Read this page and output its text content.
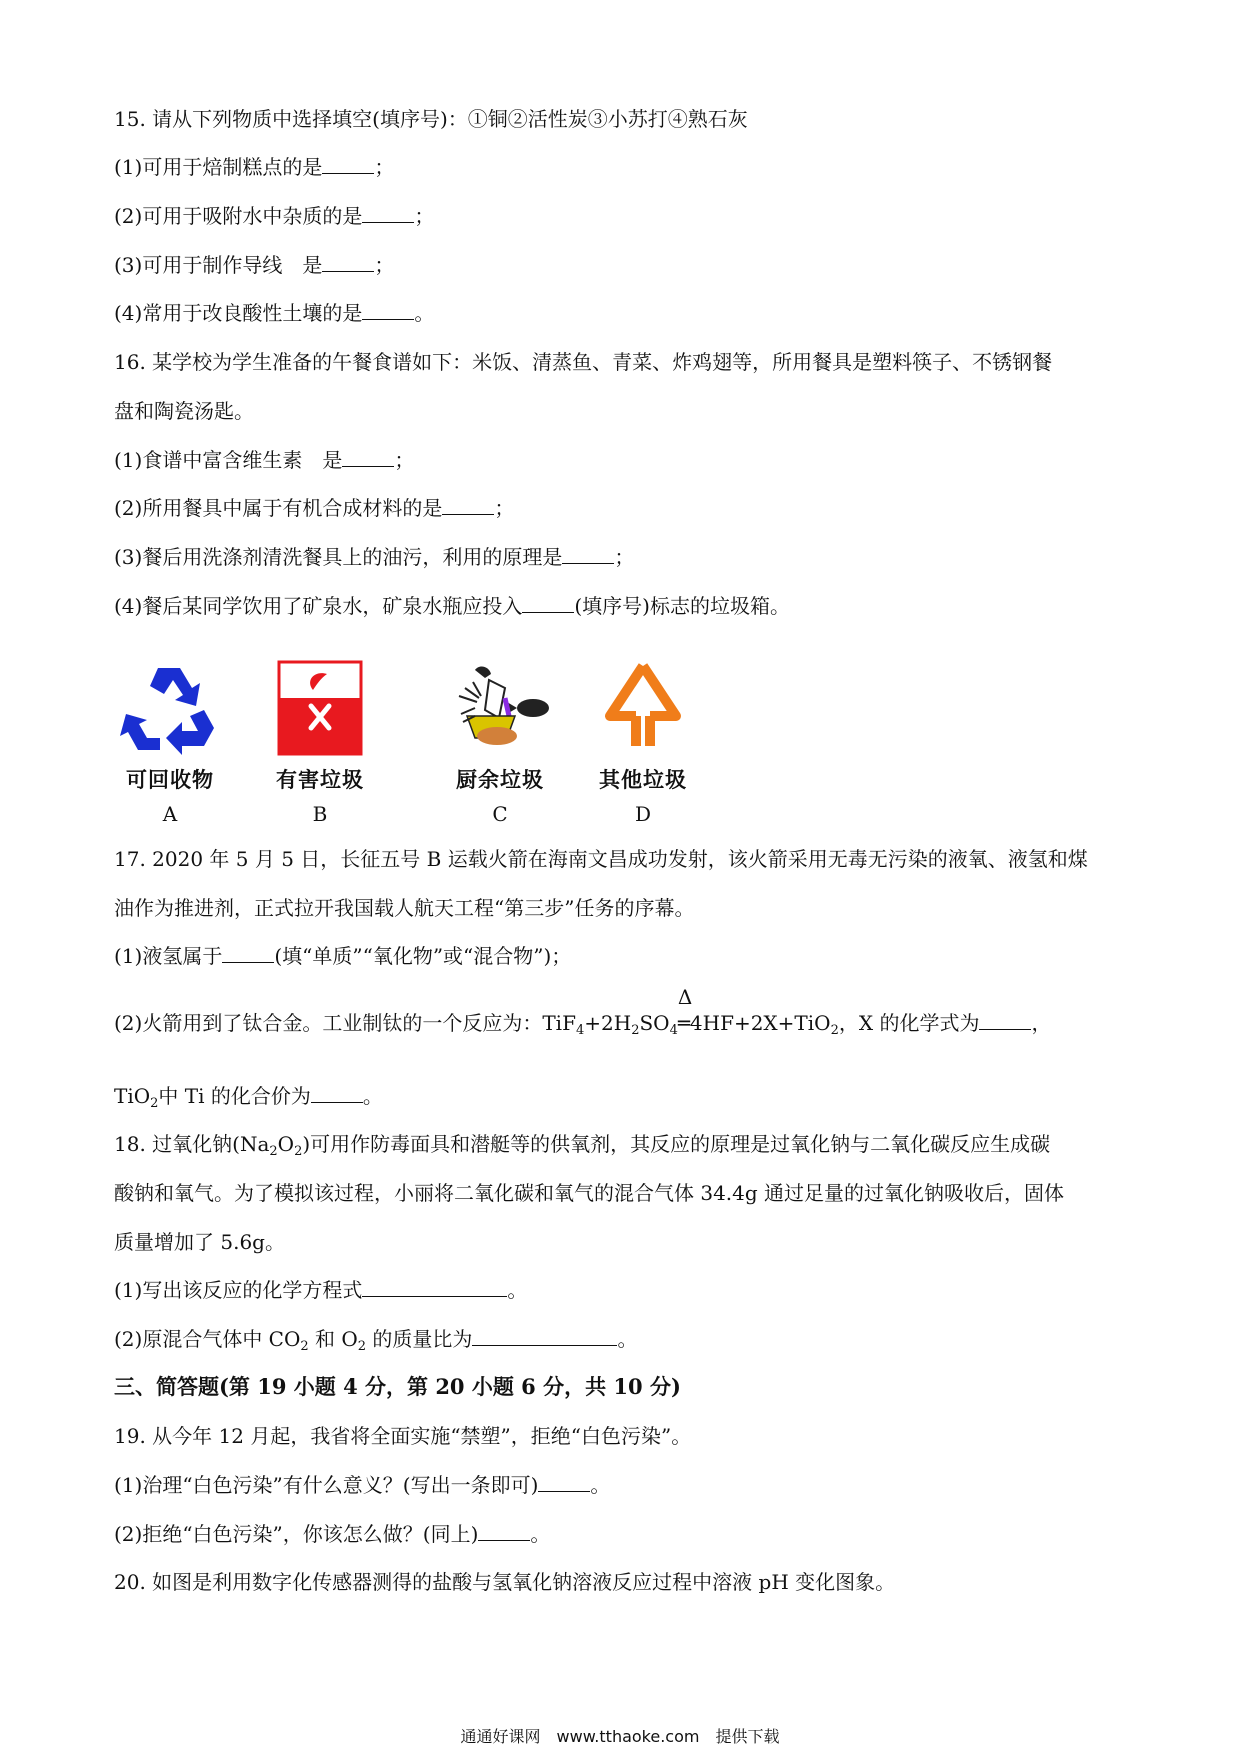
15. 请从下列物质中选择填空(填序号)：①铜②活性炭③小苏打④熟石灰
(1)可用于焙制糕点的是	；
(2)可用于吸附水中杂质的是	；
(3)可用于制作导线　是	；
(4)常用于改良酸性土壤的是	。
16. 某学校为学生准备的午餐食谱如下：米饭、清蒸鱼、青菜、炸鸡翅等，所用餐具是塑料筷子、不锈钢餐
盘和陶瓷汤匙。
(1)食谱中富含维生素　是	；
(2)所用餐具中属于有机合成材料的是	；
(3)餐后用洗涤剂清洗餐具上的油污，利用的原理是	；
(4)餐后某同学饮用了矿泉水，矿泉水瓶应投入	(填序号)标志的垃圾箱。
可回收物
A
有害垃圾
B
厨余垃圾
C
其他垃圾
D
17. 2020 年 5 月 5 日，长征五号 B 运载火箭在海南文昌成功发射，该火箭采用无毒无污染的液氧、液氢和煤
油作为推进剂，正式拉开我国载人航天工程“第三步”任务的序幕。
(1)液氢属于	(填“单质”“氧化物”或“混合物”)；
(2)火箭用到了钛合金。工业制钛的一个反应为：$TiF_4+2H_2SO_4$
Δ
═4HF+2X+TiO$_2$，X 的化学式为	，
TiO$_2$中 Ti 的化合价为	。
18. 过氧化钠$(Na_2O_2)$可用作防毒面具和潜艇等的供氧剂，其反应的原理是过氧化钠与二氧化碳反应生成碳
酸钠和氧气。为了模拟该过程，小丽将二氧化碳和氧气的混合气体 34.4g 通过足量的过氧化钠吸收后，固体
质量增加了 5.6g。
(1)写出该反应的化学方程式	。
(2)原混合气体中 $CO_2$ 和 $O_2$ 的质量比为	。
三、简答题(第 19 小题 4 分，第 20 小题 6 分，共 10 分)
19. 从今年 12 月起，我省将全面实施“禁塑”，拒绝“白色污染”。
(1)治理“白色污染”有什么意义？(写出一条即可)	。
(2)拒绝“白色污染”，你该怎么做？(同上)	。
20. 如图是利用数字化传感器测得的盐酸与氢氧化钠溶液反应过程中溶液 pH 变化图象。
通通好课网　www.tthaoke.com　提供下载
